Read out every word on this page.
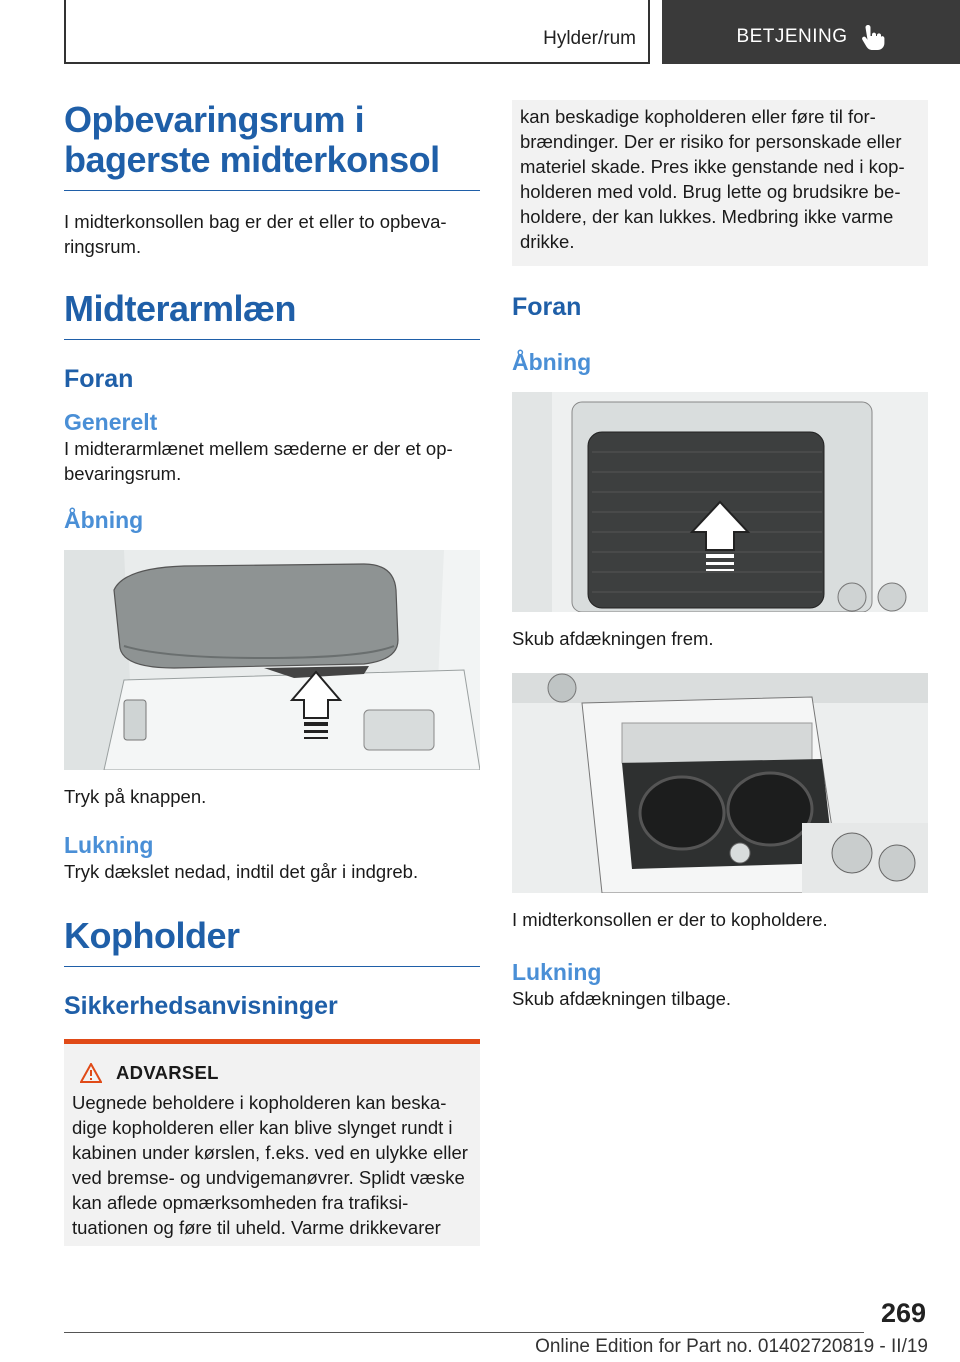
Hylder/rum	BETJENING
Opbevaringsrum i bagerste midterkonsol

I midterkonsollen bag er der et eller to opbevaringsrum.

Midterarmlæn
Foran
Generelt

I midterarmlænet mellem sæderne er der et opbevaringsrum.

Åbning

Tryk på knappen.

Lukning

Tryk dækslet nedad, indtil det går i indgreb.

Kopholder
Sikkerhedsanvisninger
ADVARSEL

Uegnede beholdere i kopholderen kan beskadige kopholderen eller kan blive slynget rundt i kabinen under kørslen, f.eks. ved en ulykke eller ved bremse- og undvigemanøvrer. Splidt væske kan aflede opmærksomheden fra trafiksituationen og føre til uheld. Varme drikkevarer

kan beskadige kopholderen eller føre til forbrændinger. Der er risiko for personskade eller materiel skade. Pres ikke genstande ned i kopholderen med vold. Brug lette og brudsikre beholdere, der kan lukkes. Medbring ikke varme drikke.

Foran
Åbning

Skub afdækningen frem.

I midterkonsollen er der to kopholdere.

Lukning

Skub afdækningen tilbage.

269
Online Edition for Part no. 01402720819 - II/19
